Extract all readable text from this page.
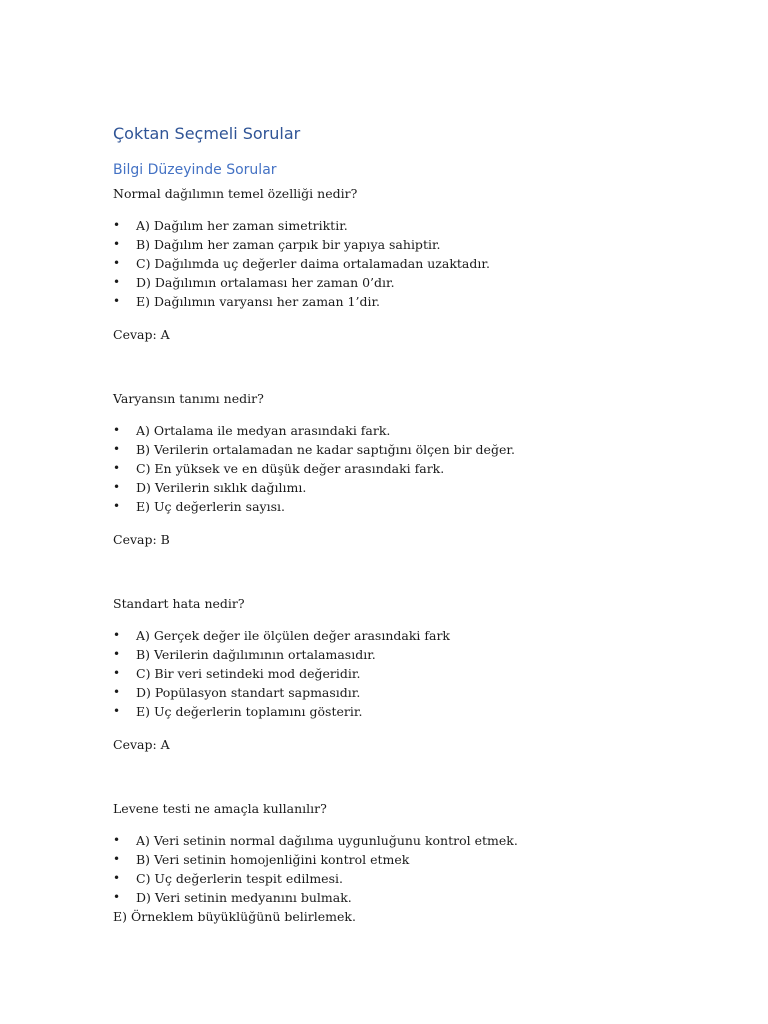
Çoktan Seçmeli Sorular
Bilgi Düzeyinde Sorular
Normal dağılımın temel özelliği nedir?
• A) Dağılım her zaman simetriktir.
• B) Dağılım her zaman çarpık bir yapıya sahiptir.
• C) Dağılımda uç değerler daima ortalamadan uzaktadır.
• D) Dağılımın ortalaması her zaman 0’dır.
• E) Dağılımın varyansı her zaman 1’dir.
Cevap: A
Varyansın tanımı nedir?
• A) Ortalama ile medyan arasındaki fark.
• B) Verilerin ortalamadan ne kadar saptığını ölçen bir değer.
• C) En yüksek ve en düşük değer arasındaki fark.
• D) Verilerin sıklık dağılımı.
• E) Uç değerlerin sayısı.
Cevap: B
Standart hata nedir?
• A) Gerçek değer ile ölçülen değer arasındaki fark
• B) Verilerin dağılımının ortalamasıdır.
• C) Bir veri setindeki mod değeridir.
• D) Popülasyon standart sapmasıdır.
• E) Uç değerlerin toplamını gösterir.
Cevap: A
Levene testi ne amaçla kullanılır?
• A) Veri setinin normal dağılıma uygunluğunu kontrol etmek.
• B) Veri setinin homojenliğini kontrol etmek
• C) Uç değerlerin tespit edilmesi.
• D) Veri setinin medyanını bulmak.
E) Örneklem büyüklüğünü belirlemek.
